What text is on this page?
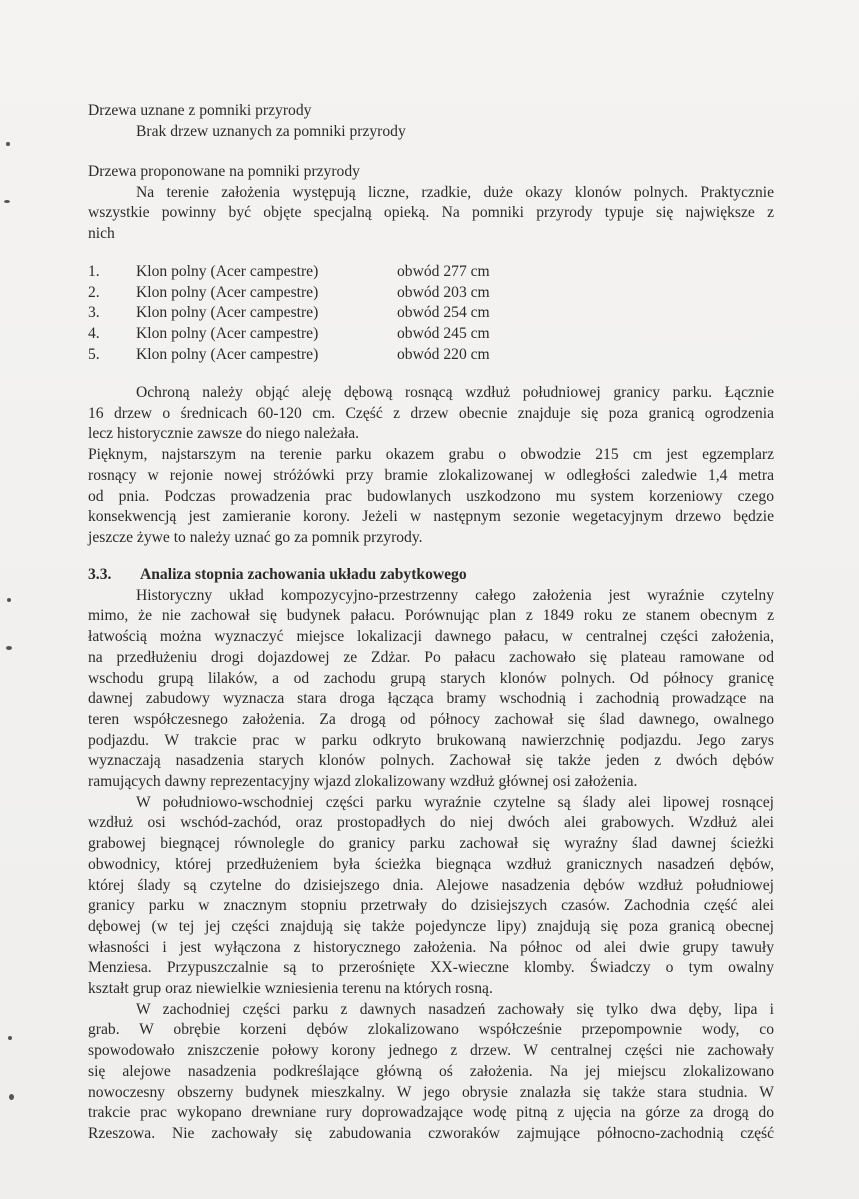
Drzewa uznane z pomniki przyrody
Brak drzew uznanych za pomniki przyrody
Drzewa proponowane na pomniki przyrody
Na terenie założenia występują liczne, rzadkie, duże okazy klonów polnych. Praktycznie
wszystkie powinny być objęte specjalną opieką. Na pomniki przyrody typuje się największe z
nich
1. Klon polny (Acer campestre)	obwód 277 cm
2. Klon polny (Acer campestre)	obwód 203 cm
3. Klon polny (Acer campestre)	obwód 254 cm
4. Klon polny (Acer campestre)	obwód 245 cm
5. Klon polny (Acer campestre)	obwód 220 cm
Ochroną należy objąć aleję dębową rosnącą wzdłuż południowej granicy parku. Łącznie
16 drzew o średnicach 60-120 cm. Część z drzew obecnie znajduje się poza granicą ogrodzenia
lecz historycznie zawsze do niego należała.
Pięknym, najstarszym na terenie parku okazem grabu o obwodzie 215 cm jest egzemplarz
rosnący w rejonie nowej stróżówki przy bramie zlokalizowanej w odległości zaledwie 1,4 metra
od pnia. Podczas prowadzenia prac budowlanych uszkodzono mu system korzeniowy czego
konsekwencją jest zamieranie korony. Jeżeli w następnym sezonie wegetacyjnym drzewo będzie
jeszcze żywe to należy uznać go za pomnik przyrody.
3.3. Analiza stopnia zachowania układu zabytkowego
Historyczny układ kompozycyjno-przestrzenny całego założenia jest wyraźnie czytelny
mimo, że nie zachował się budynek pałacu. Porównując plan z 1849 roku ze stanem obecnym z
łatwością można wyznaczyć miejsce lokalizacji dawnego pałacu, w centralnej części założenia,
na przedłużeniu drogi dojazdowej ze Zdżar. Po pałacu zachowało się plateau ramowane od
wschodu grupą lilaków, a od zachodu grupą starych klonów polnych. Od północy granicę
dawnej zabudowy wyznacza stara droga łącząca bramy wschodnią i zachodnią prowadzące na
teren współczesnego założenia. Za drogą od północy zachował się ślad dawnego, owalnego
podjazdu. W trakcie prac w parku odkryto brukowaną nawierzchnię podjazdu. Jego zarys
wyznaczają nasadzenia starych klonów polnych. Zachował się także jeden z dwóch dębów
ramujących dawny reprezentacyjny wjazd zlokalizowany wzdłuż głównej osi założenia.
W południowo-wschodniej części parku wyraźnie czytelne są ślady alei lipowej rosnącej
wzdłuż osi wschód-zachód, oraz prostopadłych do niej dwóch alei grabowych. Wzdłuż alei
grabowej biegnącej równolegle do granicy parku zachował się wyraźny ślad dawnej ścieżki
obwodnicy, której przedłużeniem była ścieżka biegnąca wzdłuż granicznych nasadzeń dębów,
której ślady są czytelne do dzisiejszego dnia. Alejowe nasadzenia dębów wzdłuż południowej
granicy parku w znacznym stopniu przetrwały do dzisiejszych czasów. Zachodnia część alei
dębowej (w tej jej części znajdują się także pojedyncze lipy) znajdują się poza granicą obecnej
własności i jest wyłączona z historycznego założenia. Na północ od alei dwie grupy tawuły
Menziesa. Przypuszczalnie są to przerośnięte XX-wieczne klomby. Świadczy o tym owalny
kształt grup oraz niewielkie wzniesienia terenu na których rosną.
W zachodniej części parku z dawnych nasadzeń zachowały się tylko dwa dęby, lipa i
grab. W obrębie korzeni dębów zlokalizowano współcześnie przepompownie wody, co
spowodowało zniszczenie połowy korony jednego z drzew. W centralnej części nie zachowały
się alejowe nasadzenia podkreślające główną oś założenia. Na jej miejscu zlokalizowano
nowoczesny obszerny budynek mieszkalny. W jego obrysie znalazła się także stara studnia. W
trakcie prac wykopano drewniane rury doprowadzające wodę pitną z ujęcia na górze za drogą do
Rzeszowa. Nie zachowały się zabudowania czworaków zajmujące północno-zachodnią część
